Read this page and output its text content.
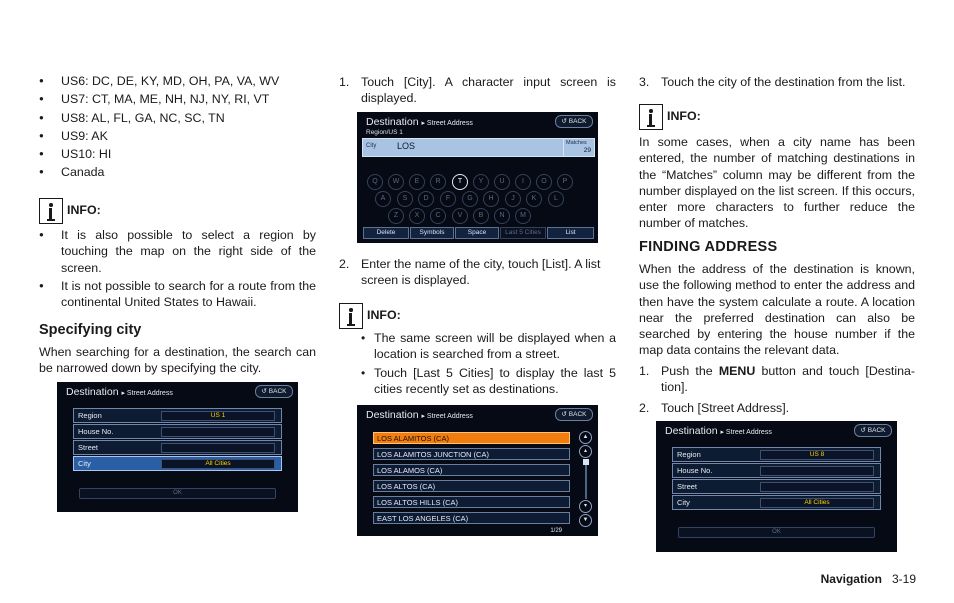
● US6: DC, DE, KY, MD, OH, PA, VA, WV
● US7: CT, MA, ME, NH, NJ, NY, RI, VT
● US8: AL, FL, GA, NC, SC, TN
● US9: AK
● US10: HI
● Canada
INFO:
● It is also possible to select a region by touching the map on the right side of the screen.
● It is not possible to search for a route from the continental United States to Hawaii.
Specifying city
When searching for a destination, the search can be narrowed down by specifying the city.
Destination ▸ Street Address	↺ BACK
Region	US 1
House No.
Street
City	All Cities
OK
1. Touch [City]. A character input screen is displayed.
2. Enter the name of the city, touch [List]. A list screen is displayed.
INFO:
• The same screen will be displayed when a location is searched from a street.
• Touch [Last 5 Cities] to display the last 5 cities recently set as destinations.
Destination ▸ Street Address	↺ BACK
Region/US 1
City LOS	Matches
29
Q	W	E	R	T	Y	U	I	O	P
A	S	D	F	G	H	J	K	L
Z	X	C	V	B	N	M
Delete	Symbols	Space	Last 5 Cities	List
Destination ▸ Street Address	↺ BACK
LOS ALAMITOS (CA)
LOS ALAMITOS JUNCTION (CA)
LOS ALAMOS (CA)
LOS ALTOS (CA)
LOS ALTOS HILLS (CA)
EAST LOS ANGELES (CA)
▲
▴
▾
▼
1/29
3. Touch the city of the destination from the list.
INFO:
In some cases, when a city name has been entered, the number of matching destinations in the “Matches” column may be different from the number displayed on the list screen. If this occurs, enter more characters to further reduce the number of matches.
FINDING ADDRESS
When the address of the destination is known, use the following method to enter the address and then have the system calculate a route. A location near the preferred destination can also be searched by entering the house number if the map data contains the relevant data.
1. Push the MENU button and touch [Destina-tion].
2. Touch [Street Address].
Destination ▸ Street Address	↺ BACK
Region	US 8
House No.
Street
City	All Cities
OK
Navigation 3-19
